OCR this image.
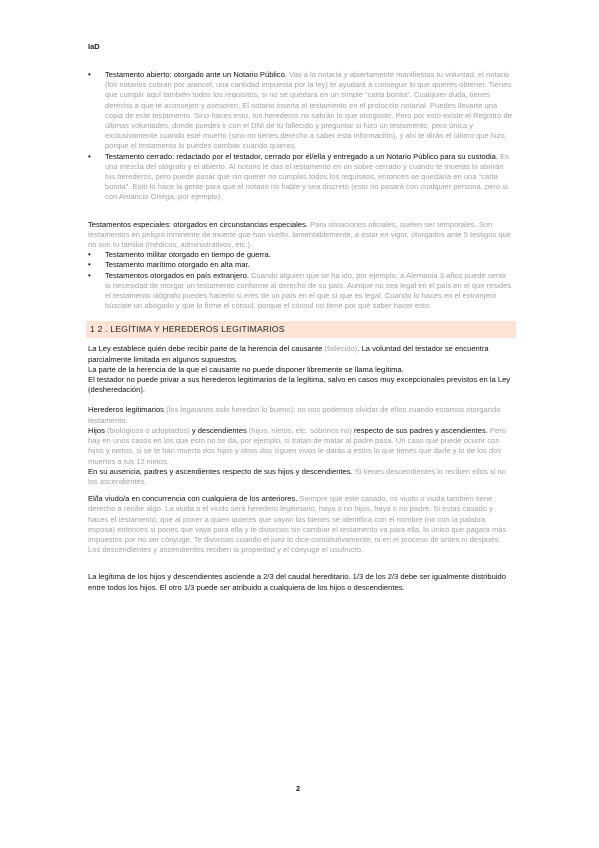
IaD
• Testamento abierto: otorgado ante un Notario Público. Vas a la notaría y abiertamente manifiestas tu voluntad, el notario (los notarios cobran por arancel, una cantidad impuesta por la ley) te ayudará a conseguir lo que quieres obtener. Tienes que cumplir aquí también todos los requisitos, si no se quedara en un simple “carta bonita”. Cualquier duda, tienes derecho a que te aconsejen y asesoren. El notario inserta el testamento en el protocolo notarial. Puedes llevarte una copia de este testamento. Sino haces esto, tus herederos no sabrán lo que otorgaste. Pero por esto existe el Registro de últimas voluntades, donde puedes ir con el DNI de tu fallecido y preguntar si hizo un testamento, pero única y exclusivamente cuando esté muerto (sino no tienes derecho a saber esta información), y ahí te dirán el último que hizo, porque el testamento lo puedes cambiar cuando quieras.
• Testamento cerrado: redactado por el testador, cerrado por él/ella y entregado a un Notario Público para su custodia. Es una mezcla del ológrafo y el abierto. Al notario le das el testamento en un sobre cerrado y cuando te mueras lo abrirán tus herederos, pero puede pasar que sin querer no cumplas todos los requisitos, entonces se quedaría en una “carta bonita”. Esto lo hace la gente para que el notario no hable y sea discreto (esto no pasará con cualquier persona, pero sí con Amancio Ortega, por ejemplo).

Testamentos especiales: otorgados en circunstancias especiales. Para situaciones oficiales, suelen ser temporales. Son testamentos en peligro inminente de muerte que han vuelto, lamentablemente, a estar en vigor, otorgados ante 5 testigos que no son tu familia (médicos, administrativos, etc.).

• Testamento militar otorgado en tiempo de guerra.
• Testamento marítimo otorgado en alta mar.
• Testamentos otorgados en país extranjero. Cuando alguien que se ha ido, por ejemplo, a Alemania 3 años puede sentir la necesidad de otorgar un testamento conforme al derecho de su país. Aunque no sea legal en el país en el que resides el testamento ológrafo puedes hacerlo si eres de un país en el que sí que es legal. Cuando lo haces en el extranjero búscate un abogado y que lo firme el cónsul, porque el cónsul no tiene por qué saber hacer esto.
1 2 . LEGÍTIMA Y HEREDEROS LEGITIMARIOS

La Ley establece quién debe recibir parte de la herencia del causante (fallecido). La voluntad del testador se encuentra parcialmente limitada en algunos supuestos.

La parte de la herencia de la que el causante no puede disponer libremente se llama legítima.

El testador no puede privar a sus herederos legitimarios de la legítima, salvo en casos muy excepcionales previstos en la Ley (desheredación).

Herederos legitimarios (los legatarios solo heredan lo bueno): no nos podemos olvidar de ellos cuando estamos otorgando testamento.

Hijos (biológicos o adoptados) y descendientes (hijos, nietos, etc. sobrinos no) respecto de sus padres y ascendientes. Pero hay en unos casos en los que esto no se da, por ejemplo, si tratan de matar al padre pasa. Un caso que puede ocurrir con hijos y nietos, si se te han muerto dos hijos y otros dos siguen vivos le darás a estos lo que tienes que darle y lo de los dos muertos a tus 12 nietos.

En su ausencia, padres y ascendientes respecto de sus hijos y descendientes. Si tienes descendientes lo reciben ellos si no los ascendientes.

El/la viudo/a en concurrencia con cualquiera de los anteriores. Siempre que esté casado, mi viudo o viuda también tiene derecho a recibir algo. La viuda o el viudo será heredero legitimario, haya o no hijos, haya o no padre. Si estas casado y haces el testamento, que al poner a quien quieres que vayan los bienes se identifica con el nombre (no con la palabra esposa) entonces si pones que vaya para ella y te divorcias sin cambiar el testamento va para ella, lo único que pagara más impuestos por no ser cónyuge. Te divorcias cuando el juez lo dice constitutivamente, ni en el proceso de antes ni después. Los descendientes y ascendientes reciben la propiedad y el cónyuge el usufructo.

La legítima de los hijos y descendientes asciende a 2/3 del caudal hereditario. 1/3 de los 2/3 debe ser igualmente distribuido entre todos los hijos. El otro 1/3 puede ser atribuido a cualquiera de los hijos o descendientes.

2
